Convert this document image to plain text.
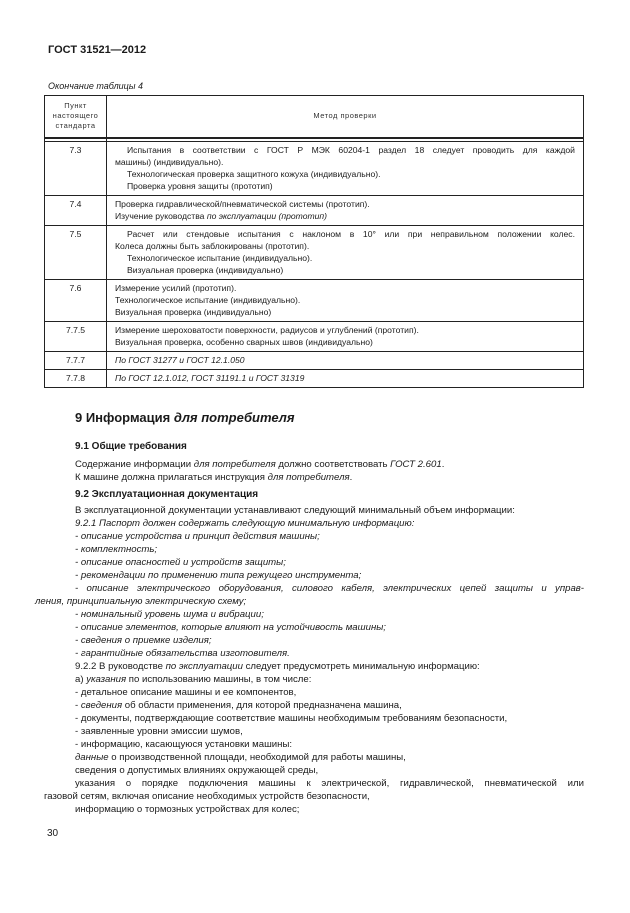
ГОСТ 31521—2012
Окончание таблицы 4
Пункт
настоящего
стандарта	Метод проверки

7.3	Испытания в соответствии с ГОСТ Р МЭК 60204-1 раздел 18 следует проводить для каждой
машины) (индивидуально).
Технологическая проверка защитного кожуха (индивидуально).
Проверка уровня защиты (прототип)

7.4	Проверка гидравлической/пневматической системы (прототип).
Изучение руководства по эксплуатации (прототип)

7.5	Расчет или стендовые испытания с наклоном в 10° или при неправильном положении колес.
Колеса должны быть заблокированы (прототип).
Технологическое испытание (индивидуально).
Визуальная проверка (индивидуально)

7.6	Измерение усилий (прототип).
Технологическое испытание (индивидуально).
Визуальная проверка (индивидуально)

7.7.5	Измерение шероховатости поверхности, радиусов и углублений (прототип).
Визуальная проверка, особенно сварных швов (индивидуально)

7.7.7	По ГОСТ 31277 и ГОСТ 12.1.050

7.7.8	По ГОСТ 12.1.012, ГОСТ 31191.1 и ГОСТ 31319
9 Информация для потребителя
9.1 Общие требования
Содержание информации для потребителя должно соответствовать ГОСТ 2.601.
К машине должна прилагаться инструкция для потребителя.
9.2 Эксплуатационная документация
В эксплуатационной документации устанавливают следующий минимальный объем информации:
9.2.1 Паспорт должен содержать следующую минимальную информацию:
- описание устройства и принцип действия машины;
- комплектность;
- описание опасностей и устройств защиты;
- рекомендации по применению типа режущего инструмента;
- описание электрического оборудования, силового кабеля, электрических цепей защиты и управ-
ления, принципиальную электрическую схему;
- номинальный уровень шума и вибрации;
- описание элементов, которые влияют на устойчивость машины;
- сведения о приемке изделия;
- гарантийные обязательства изготовителя.
9.2.2 В руководстве по эксплуатации следует предусмотреть минимальную информацию:
а) указания по использованию машины, в том числе:
- детальное описание машины и ее компонентов,
- сведения об области применения, для которой предназначена машина,
- документы, подтверждающие соответствие машины необходимым требованиям безопасности,
- заявленные уровни эмиссии шумов,
- информацию, касающуюся установки машины:
данные о производственной площади, необходимой для работы машины,
сведения о допустимых влияниях окружающей среды,
указания о порядке подключения машины к электрической, гидравлической, пневматической или
газовой сетям, включая описание необходимых устройств безопасности,
информацию о тормозных устройствах для колес;
30
